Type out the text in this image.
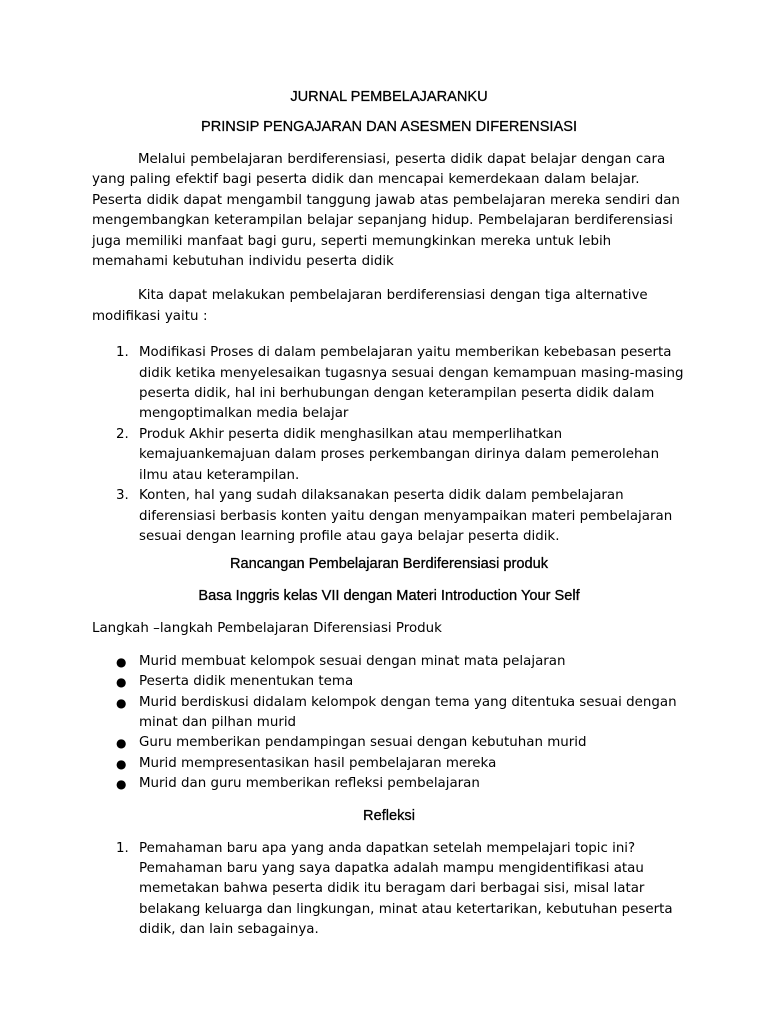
JURNAL PEMBELAJARANKU

PRINSIP PENGAJARAN DAN ASESMEN DIFERENSIASI

Melalui pembelajaran berdiferensiasi, peserta didik dapat belajar dengan cara yang paling efektif bagi peserta didik dan mencapai kemerdekaan dalam belajar. Peserta didik dapat mengambil tanggung jawab atas pembelajaran mereka sendiri dan mengembangkan keterampilan belajar sepanjang hidup. Pembelajaran berdiferensiasi juga memiliki manfaat bagi guru, seperti memungkinkan mereka untuk lebih memahami kebutuhan individu peserta didik

Kita dapat melakukan pembelajaran berdiferensiasi dengan tiga alternative modifikasi yaitu :

1. Modifikasi Proses di dalam pembelajaran yaitu memberikan kebebasan peserta didik ketika menyelesaikan tugasnya sesuai dengan kemampuan masing-masing peserta didik, hal ini berhubungan dengan keterampilan peserta didik dalam mengoptimalkan media belajar
2. Produk Akhir peserta didik menghasilkan atau memperlihatkan kemajuankemajuan dalam proses perkembangan dirinya dalam pemerolehan ilmu atau keterampilan.
3. Konten, hal yang sudah dilaksanakan peserta didik dalam pembelajaran diferensiasi berbasis konten yaitu dengan menyampaikan materi pembelajaran sesuai dengan learning profile atau gaya belajar peserta didik.

Rancangan Pembelajaran Berdiferensiasi produk

Basa Inggris kelas VII dengan Materi Introduction Your Self

Langkah –langkah Pembelajaran Diferensiasi Produk

● Murid membuat kelompok sesuai dengan minat mata pelajaran
● Peserta didik menentukan tema
● Murid berdiskusi didalam kelompok dengan tema yang ditentuka sesuai dengan minat dan pilhan murid
● Guru memberikan pendampingan sesuai dengan kebutuhan murid
● Murid mempresentasikan hasil pembelajaran mereka
● Murid dan guru memberikan refleksi pembelajaran

Refleksi

1. Pemahaman baru apa yang anda dapatkan setelah mempelajari topic ini? Pemahaman baru yang saya dapatka adalah mampu mengidentifikasi atau memetakan bahwa peserta didik itu beragam dari berbagai sisi, misal latar belakang keluarga dan lingkungan, minat atau ketertarikan, kebutuhan peserta didik, dan lain sebagainya.
